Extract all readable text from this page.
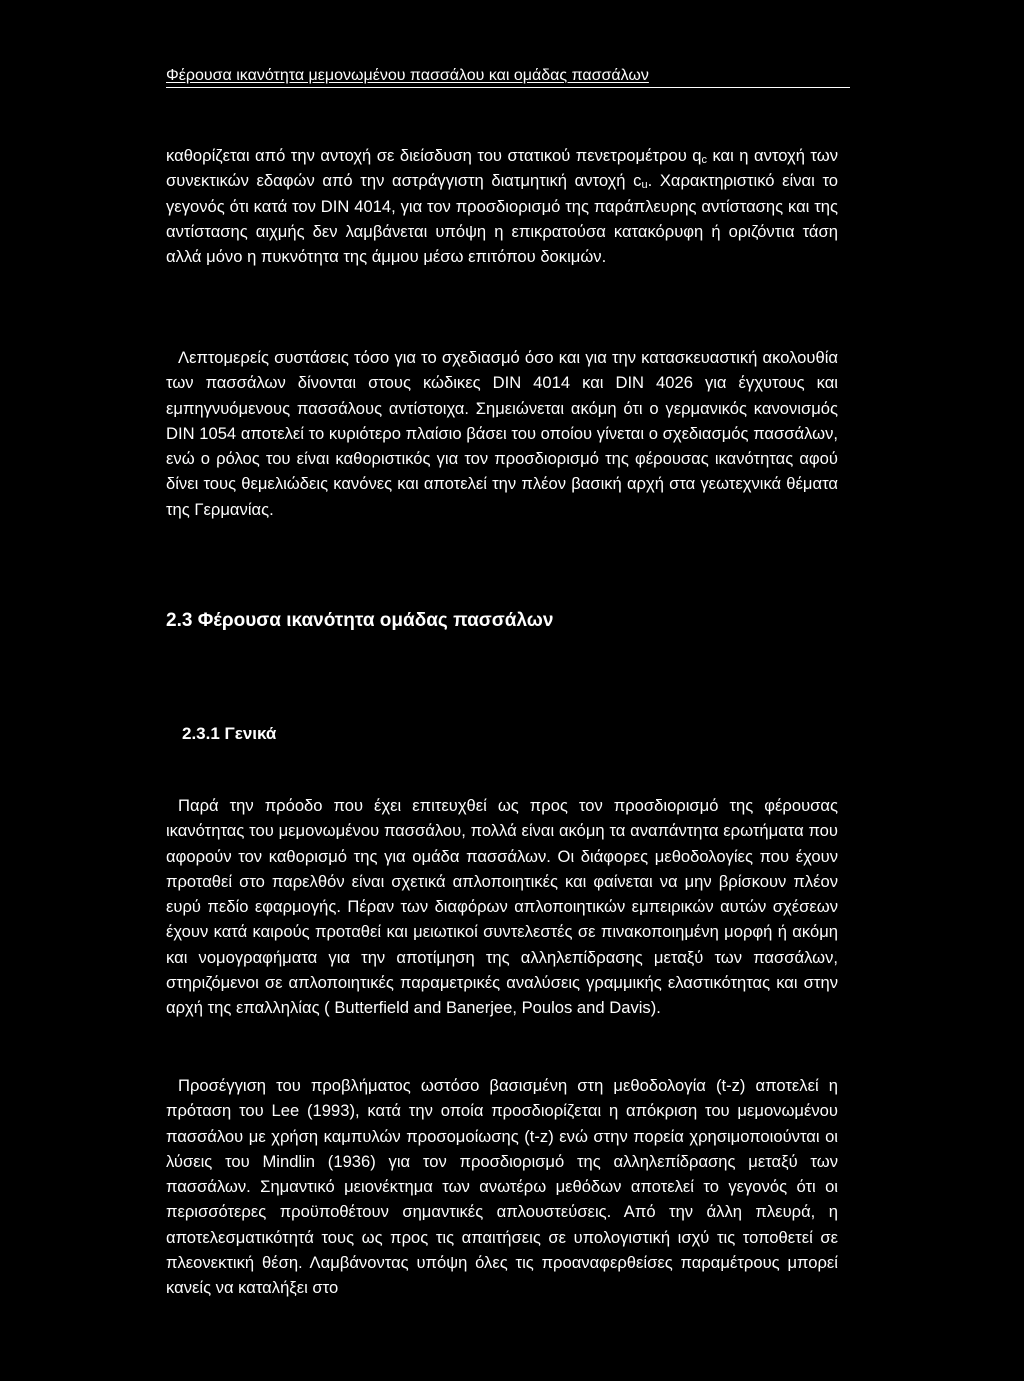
Φέρουσα ικανότητα μεμονωμένου πασσάλου και ομάδας πασσάλων

καθορίζεται από την αντοχή σε διείσδυση του στατικού πενετρομέτρου $q_c$ και η αντοχή των συνεκτικών εδαφών από την αστράγγιστη διατμητική αντοχή $c_u$. Χαρακτηριστικό είναι το γεγονός ότι κατά τον DIN 4014, για τον προσδιορισμό της παράπλευρης αντίστασης και της αντίστασης αιχμής δεν λαμβάνεται υπόψη η επικρατούσα κατακόρυφη ή οριζόντια τάση αλλά μόνο η πυκνότητα της άμμου μέσω επιτόπου δοκιμών.

Λεπτομερείς συστάσεις τόσο για το σχεδιασμό όσο και για την κατασκευαστική ακολουθία των πασσάλων δίνονται στους κώδικες DIN 4014 και DIN 4026 για έγχυτους και εμπηγνυόμενους πασσάλους αντίστοιχα. Σημειώνεται ακόμη ότι ο γερμανικός κανονισμός DIN 1054 αποτελεί το κυριότερο πλαίσιο βάσει του οποίου γίνεται ο σχεδιασμός πασσάλων, ενώ ο ρόλος του είναι καθοριστικός για τον προσδιορισμό της φέρουσας ικανότητας αφού δίνει τους θεμελιώδεις κανόνες και αποτελεί την πλέον βασική αρχή στα γεωτεχνικά θέματα της Γερμανίας.

2.3 Φέρουσα ικανότητα ομάδας πασσάλων
2.3.1 Γενικά

Παρά την πρόοδο που έχει επιτευχθεί ως προς τον προσδιορισμό της φέρουσας ικανότητας του μεμονωμένου πασσάλου, πολλά είναι ακόμη τα αναπάντητα ερωτήματα που αφορούν τον καθορισμό της για ομάδα πασσάλων. Οι διάφορες μεθοδολογίες που έχουν προταθεί στο παρελθόν είναι σχετικά απλοποιητικές και φαίνεται να μην βρίσκουν πλέον ευρύ πεδίο εφαρμογής. Πέραν των διαφόρων απλοποιητικών εμπειρικών αυτών σχέσεων έχουν κατά καιρούς προταθεί και μειωτικοί συντελεστές σε πινακοποιημένη μορφή ή ακόμη και νομογραφήματα για την αποτίμηση της αλληλεπίδρασης μεταξύ των πασσάλων, στηριζόμενοι σε απλοποιητικές παραμετρικές αναλύσεις γραμμικής ελαστικότητας και στην αρχή της επαλληλίας ( Butterfield and Banerjee, Poulos and Davis).

Προσέγγιση του προβλήματος ωστόσο βασισμένη στη μεθοδολογία (t-z) αποτελεί η πρόταση του Lee (1993), κατά την οποία προσδιορίζεται η απόκριση του μεμονωμένου πασσάλου με χρήση καμπυλών προσομοίωσης (t-z) ενώ στην πορεία χρησιμοποιούνται οι λύσεις του Mindlin (1936) για τον προσδιορισμό της αλληλεπίδρασης μεταξύ των πασσάλων. Σημαντικό μειονέκτημα των ανωτέρω μεθόδων αποτελεί το γεγονός ότι οι περισσότερες προϋποθέτουν σημαντικές απλουστεύσεις. Από την άλλη πλευρά, η αποτελεσματικότητά τους ως προς τις απαιτήσεις σε υπολογιστική ισχύ τις τοποθετεί σε πλεονεκτική θέση. Λαμβάνοντας υπόψη όλες τις προαναφερθείσες παραμέτρους μπορεί κανείς να καταλήξει στο
